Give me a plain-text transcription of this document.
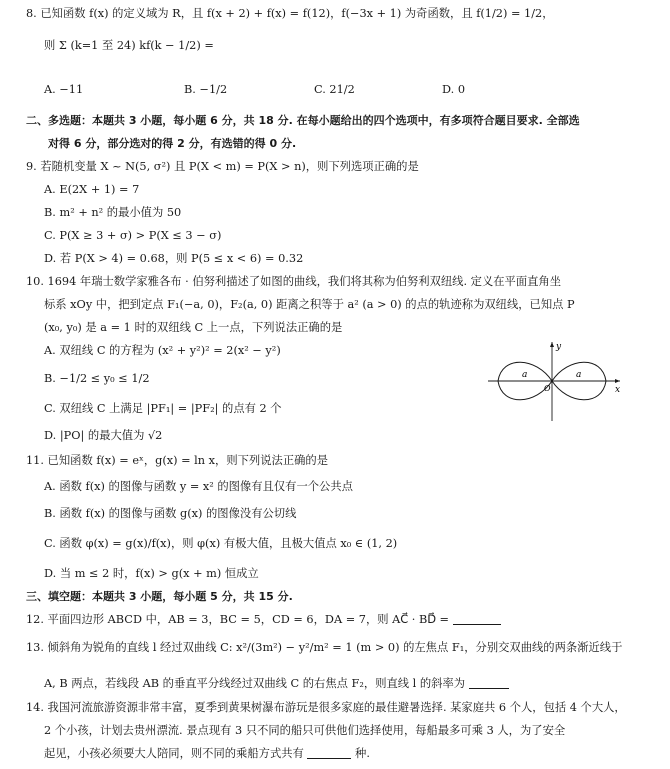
8. 已知函数 f(x) 的定义域为 R，且 f(x + 2) + f(x) = f(12)，f(−3x + 1) 为奇函数，且 f(1/2) = 1/2，
则 Σ (k=1 至 24) kf(k − 1/2) =
A. −11	B. −1/2	C. 21/2	D. 0
二、多选题：本题共 3 小题，每小题 6 分，共 18 分. 在每小题给出的四个选项中，有多项符合题目要求. 全部选
对得 6 分，部分选对的得 2 分，有选错的得 0 分.
9. 若随机变量 X ~ N(5, σ²) 且 P(X < m) = P(X > n)，则下列选项正确的是
A. E(2X + 1) = 7
B. m² + n² 的最小值为 50
C. P(X ≥ 3 + σ) > P(X ≤ 3 − σ)
D. 若 P(X > 4) = 0.68，则 P(5 ≤ x < 6) = 0.32
10. 1694 年瑞士数学家雅各布 · 伯努利描述了如图的曲线，我们将其称为伯努利双纽线. 定义在平面直角坐
标系 xOy 中，把到定点 F₁(−a, 0)，F₂(a, 0) 距离之积等于 a² (a > 0) 的点的轨迹称为双纽线，已知点 P
(x₀, y₀) 是 a = 1 时的双纽线 C 上一点，下列说法正确的是
A. 双纽线 C 的方程为 (x² + y²)² = 2(x² − y²)
B. −1/2 ≤ y₀ ≤ 1/2
C. 双纽线 C 上满足 |PF₁| = |PF₂| 的点有 2 个
D. |PO| 的最大值为 √2
y
x
a	a
O
11. 已知函数 f(x) = eˣ，g(x) = ln x，则下列说法正确的是
A. 函数 f(x) 的图像与函数 y = x² 的图像有且仅有一个公共点
B. 函数 f(x) 的图像与函数 g(x) 的图像没有公切线
C. 函数 φ(x) = g(x)/f(x)，则 φ(x) 有极大值，且极大值点 x₀ ∈ (1, 2)
D. 当 m ≤ 2 时，f(x) > g(x + m) 恒成立
三、填空题：本题共 3 小题，每小题 5 分，共 15 分.
12. 平面四边形 ABCD 中，AB = 3，BC = 5，CD = 6，DA = 7，则 AC⃗ · BD⃗ =
13. 倾斜角为锐角的直线 l 经过双曲线 C: x²/(3m²) − y²/m² = 1 (m > 0) 的左焦点 F₁，分别交双曲线的两条渐近线于
A, B 两点，若线段 AB 的垂直平分线经过双曲线 C 的右焦点 F₂，则直线 l 的斜率为
14. 我国河流旅游资源非常丰富，夏季到黄果树瀑布游玩是很多家庭的最佳避暑选择. 某家庭共 6 个人，包括 4 个大人，
2 个小孩，计划去贵州漂流. 景点现有 3 只不同的船只可供他们选择使用，每船最多可乘 3 人，为了安全
起见，小孩必须要大人陪同，则不同的乘船方式共有	种.
